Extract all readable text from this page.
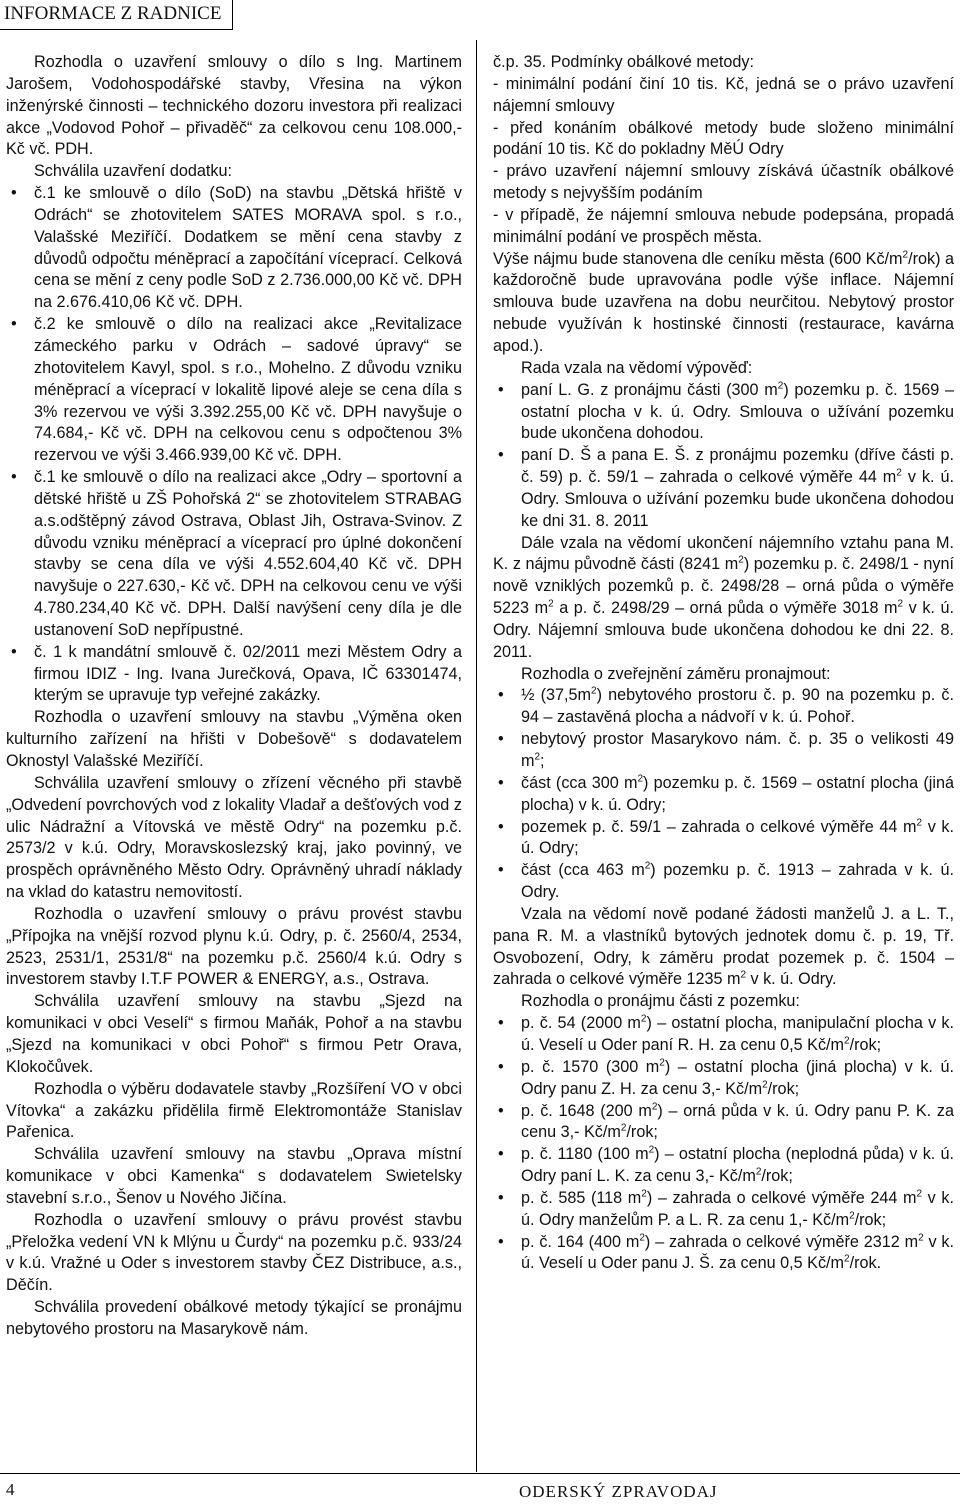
INFORMACE Z RADNICE

Rozhodla o uzavření smlouvy o dílo s Ing. Martinem Jarošem, Vodohospodářské stavby, Vřesina na výkon inženýrské činnosti – technického dozoru investora při realizaci akce „Vodovod Pohoř – přivaděč“ za celkovou cenu 108.000,- Kč vč. PDH.

Schválila uzavření dodatku:

• č.1 ke smlouvě o dílo (SoD) na stavbu „Dětská hřiště v Odrách“ se zhotovitelem SATES MORAVA spol. s r.o., Valašské Meziříčí. Dodatkem se mění cena stavby z důvodů odpočtu méněprací a započítání víceprací. Celková cena se mění z ceny podle SoD z 2.736.000,00 Kč vč. DPH na 2.676.410,06 Kč vč. DPH.

• č.2 ke smlouvě o dílo na realizaci akce „Revitalizace zámeckého parku v Odrách – sadové úpravy“ se zhotovitelem Kavyl, spol. s r.o., Mohelno. Z důvodu vzniku méněprací a víceprací v lokalitě lipové aleje se cena díla s 3% rezervou ve výši 3.392.255,00 Kč vč. DPH navyšuje o 74.684,- Kč vč. DPH na celkovou cenu s odpočtenou 3% rezervou ve výši 3.466.939,00 Kč vč. DPH.

• č.1 ke smlouvě o dílo na realizaci akce „Odry – sportovní a dětské hřiště u ZŠ Pohořská 2“ se zhotovitelem STRABAG a.s.odštěpný závod Ostrava, Oblast Jih, Ostrava-Svinov. Z důvodu vzniku méněprací a víceprací pro úplné dokončení stavby se cena díla ve výši 4.552.604,40 Kč vč. DPH navyšuje o 227.630,- Kč vč. DPH na celkovou cenu ve výši 4.780.234,40 Kč vč. DPH. Další navýšení ceny díla je dle ustanovení SoD nepřípustné.

• č. 1 k mandátní smlouvě č. 02/2011 mezi Městem Odry a firmou IDIZ - Ing. Ivana Jurečková, Opava, IČ 63301474, kterým se upravuje typ veřejné zakázky.

Rozhodla o uzavření smlouvy na stavbu „Výměna oken kulturního zařízení na hřišti v Dobešově“ s dodavatelem Oknostyl Valašské Meziříčí.

Schválila uzavření smlouvy o zřízení věcného při stavbě „Odvedení povrchových vod z lokality Vladař a dešťových vod z ulic Nádražní a Vítovská ve městě Odry“ na pozemku p.č. 2573/2 v k.ú. Odry, Moravskoslezský kraj, jako povinný, ve prospěch oprávněného Město Odry. Oprávněný uhradí náklady na vklad do katastru nemovitostí.

Rozhodla o uzavření smlouvy o právu provést stavbu „Přípojka na vnější rozvod plynu k.ú. Odry, p. č. 2560/4, 2534, 2523, 2531/1, 2531/8“ na pozemku p.č. 2560/4 k.ú. Odry s investorem stavby I.T.F POWER & ENERGY, a.s., Ostrava.

Schválila uzavření smlouvy na stavbu „Sjezd na komunikaci v obci Veselí“ s firmou Maňák, Pohoř a na stavbu „Sjezd na komunikaci v obci Pohoř“ s firmou Petr Orava, Klokočůvek.

Rozhodla o výběru dodavatele stavby „Rozšíření VO v obci Vítovka“ a zakázku přidělila firmě Elektromontáže Stanislav Pařenica.

Schválila uzavření smlouvy na stavbu „Oprava místní komunikace v obci Kamenka“ s dodavatelem Swietelsky stavební s.r.o., Šenov u Nového Jičína.

Rozhodla o uzavření smlouvy o právu provést stavbu „Přeložka vedení VN k Mlýnu u Čurdy“ na pozemku p.č. 933/24 v k.ú. Vražné u Oder s investorem stavby ČEZ Distribuce, a.s., Děčín.

Schválila provedení obálkové metody týkající se pronájmu nebytového prostoru na Masarykově nám.

č.p. 35. Podmínky obálkové metody:

- minimální podání činí 10 tis. Kč, jedná se o právo uzavření nájemní smlouvy

- před konáním obálkové metody bude složeno minimální podání 10 tis. Kč do pokladny MěÚ Odry

- právo uzavření nájemní smlouvy získává účastník obálkové metody s nejvyšším podáním

- v případě, že nájemní smlouva nebude podepsána, propadá minimální podání ve prospěch města.

Výše nájmu bude stanovena dle ceníku města (600 $Kč/m^2/rok$) a každoročně bude upravována podle výše inflace. Nájemní smlouva bude uzavřena na dobu neurčitou. Nebytový prostor nebude využíván k hostinské činnosti (restaurace, kavárna apod.).

Rada vzala na vědomí výpověď:

• paní L. G. z pronájmu části (300 $m^2$) pozemku p. č. 1569 – ostatní plocha v k. ú. Odry. Smlouva o užívání pozemku bude ukončena dohodou.

• paní D. Š a pana E. Š. z pronájmu pozemku (dříve části p. č. 59) p. č. 59/1 – zahrada o celkové výměře 44 $m^2$ v k. ú. Odry. Smlouva o užívání pozemku bude ukončena dohodou ke dni 31. 8. 2011

Dále vzala na vědomí ukončení nájemního vztahu pana M. K. z nájmu původně části (8241 $m^2$) pozemku p. č. 2498/1 - nyní nově vzniklých pozemků p. č. 2498/28 – orná půda o výměře 5223 $m^2$ a p. č. 2498/29 – orná půda o výměře 3018 $m^2$ v k. ú. Odry. Nájemní smlouva bude ukončena dohodou ke dni 22. 8. 2011.

Rozhodla o zveřejnění záměru pronajmout:

• ½ $(37,5m^2)$ nebytového prostoru č. p. 90 na pozemku p. č. 94 – zastavěná plocha a nádvoří v k. ú. Pohoř.

• nebytový prostor Masarykovo nám. č. p. 35 o velikosti 49 $m^2$;

• část (cca 300 $m^2$) pozemku p. č. 1569 – ostatní plocha (jiná plocha) v k. ú. Odry;

• pozemek p. č. 59/1 – zahrada o celkové výměře 44 $m^2$ v k. ú. Odry;

• část (cca 463 $m^2$) pozemku p. č. 1913 – zahrada v k. ú. Odry.

Vzala na vědomí nově podané žádosti manželů J. a L. T., pana R. M. a vlastníků bytových jednotek domu č. p. 19, Tř. Osvobození, Odry, k záměru prodat pozemek p. č. 1504 – zahrada o celkové výměře 1235 $m^2$ v k. ú. Odry.

Rozhodla o pronájmu části z pozemku:

• p. č. 54 (2000 $m^2$) – ostatní plocha, manipulační plocha v k. ú. Veselí u Oder paní R. H. za cenu 0,5 $Kč/m^2$/rok;

• p. č. 1570 (300 $m^2$) – ostatní plocha (jiná plocha) v k. ú. Odry panu Z. H. za cenu 3,- $Kč/m^2$/rok;

• p. č. 1648 (200 $m^2$) – orná půda v k. ú. Odry panu P. K. za cenu 3,- $Kč/m^2$/rok;

• p. č. 1180 (100 $m^2$) – ostatní plocha (neplodná půda) v k. ú. Odry paní L. K. za cenu 3,- $Kč/m^2$/rok;

• p. č. 585 (118 $m^2$) – zahrada o celkové výměře 244 $m^2$ v k. ú. Odry manželům P. a L. R. za cenu 1,- $Kč/m^2$/rok;

• p. č. 164 (400 $m^2$) – zahrada o celkové výměře 2312 $m^2$ v k. ú. Veselí u Oder panu J. Š. za cenu 0,5 $Kč/m^2$/rok.

4	ODERSKÝ ZPRAVODAJ
